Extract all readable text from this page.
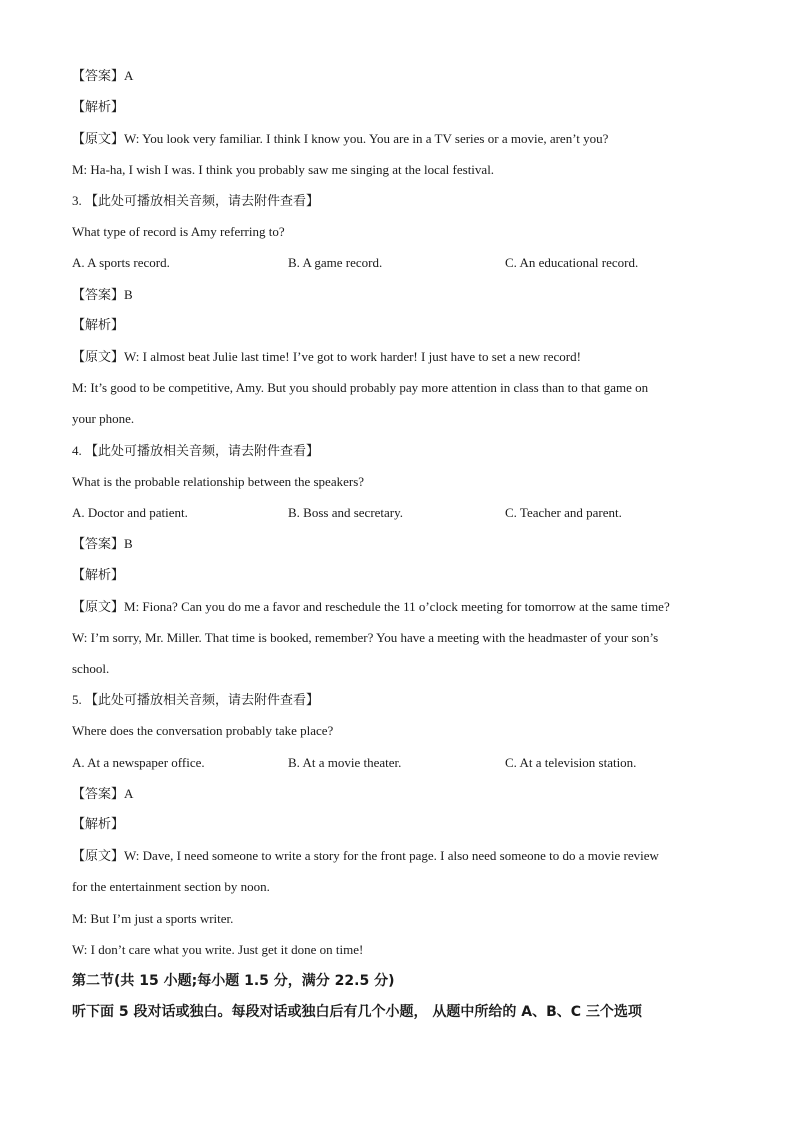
【答案】A
【解析】
【原文】W: You look very familiar. I think I know you. You are in a TV series or a movie, aren’t you?
M: Ha-ha, I wish I was. I think you probably saw me singing at the local festival.
3. 【此处可播放相关音频，请去附件查看】
What type of record is Amy referring to?
A. A sports record.	B. A game record.	C. An educational record.
【答案】B
【解析】
【原文】W: I almost beat Julie last time! I’ve got to work harder! I just have to set a new record!
M: It’s good to be competitive, Amy. But you should probably pay more attention in class than to that game on
your phone.
4. 【此处可播放相关音频，请去附件查看】
What is the probable relationship between the speakers?
A. Doctor and patient.	B. Boss and secretary.	C. Teacher and parent.
【答案】B
【解析】
【原文】M: Fiona? Can you do me a favor and reschedule the 11 o’clock meeting for tomorrow at the same time?
W: I’m sorry, Mr. Miller. That time is booked, remember? You have a meeting with the headmaster of your son’s
school.
5. 【此处可播放相关音频，请去附件查看】
Where does the conversation probably take place?
A. At a newspaper office.	B. At a movie theater.	C. At a television station.
【答案】A
【解析】
【原文】W: Dave, I need someone to write a story for the front page. I also need someone to do a movie review
for the entertainment section by noon.
M: But I’m just a sports writer.
W: I don’t care what you write. Just get it done on time!
第二节(共 15 小题;每小题 1.5 分，满分 22.5 分)
听下面 5 段对话或独白。每段对话或独白后有几个小题， 从题中所给的 A、B、C 三个选项
